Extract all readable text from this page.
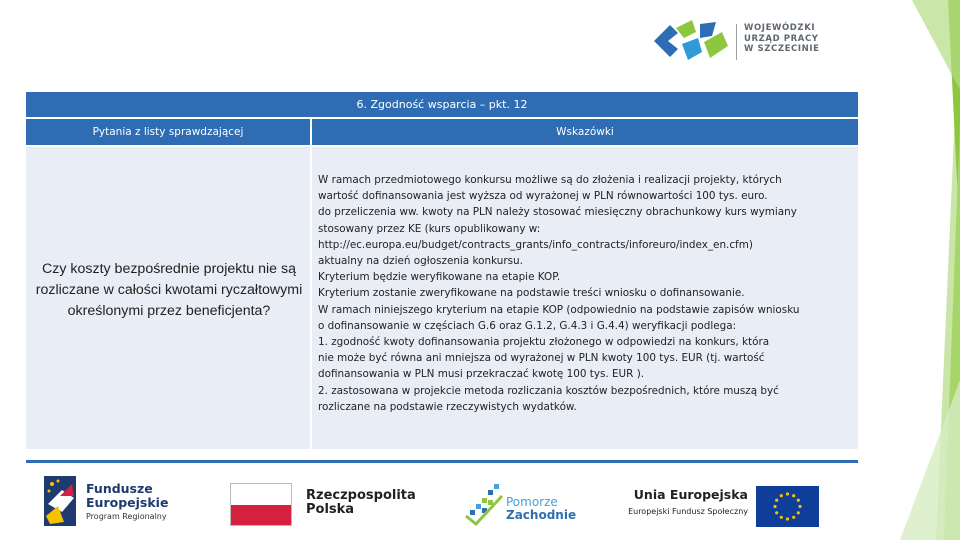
WOJEWÓDZKI
URZĄD PRACY
W SZCZECINIE
6. Zgodność wsparcia – pkt. 12
Pytania z listy sprawdzającej	Wskazówki
Czy koszty bezpośrednie projektu nie są rozliczane w całości kwotami ryczałtowymi określonymi przez beneficjenta?
W ramach przedmiotowego konkursu możliwe są do złożenia i realizacji projekty, których
wartość dofinansowania jest wyższa od wyrażonej w PLN równowartości 100 tys. euro.
do przeliczenia ww. kwoty na PLN należy stosować miesięczny obrachunkowy kurs wymiany
stosowany przez KE (kurs opublikowany w:
http://ec.europa.eu/budget/contracts_grants/info_contracts/inforeuro/index_en.cfm)
aktualny na dzień ogłoszenia konkursu.
Kryterium będzie weryfikowane na etapie KOP.
Kryterium zostanie zweryfikowane na podstawie treści wniosku o dofinansowanie.
W ramach niniejszego kryterium na etapie KOP (odpowiednio na podstawie zapisów wniosku
o dofinansowanie w częściach G.6 oraz G.1.2, G.4.3 i G.4.4) weryfikacji podlega:
1. zgodność kwoty dofinansowania projektu złożonego w odpowiedzi na konkurs, która
nie może być równa ani mniejsza od wyrażonej w PLN kwoty 100 tys. EUR (tj. wartość
dofinansowania w PLN musi przekraczać kwotę 100 tys. EUR ).
2. zastosowana w projekcie metoda rozliczania kosztów bezpośrednich, które muszą być
rozliczane na podstawie rzeczywistych wydatków.
Fundusze
Europejskie
Program Regionalny
Rzeczpospolita
Polska	Pomorze
Zachodnie
Unia Europejska
Europejski Fundusz Społeczny
